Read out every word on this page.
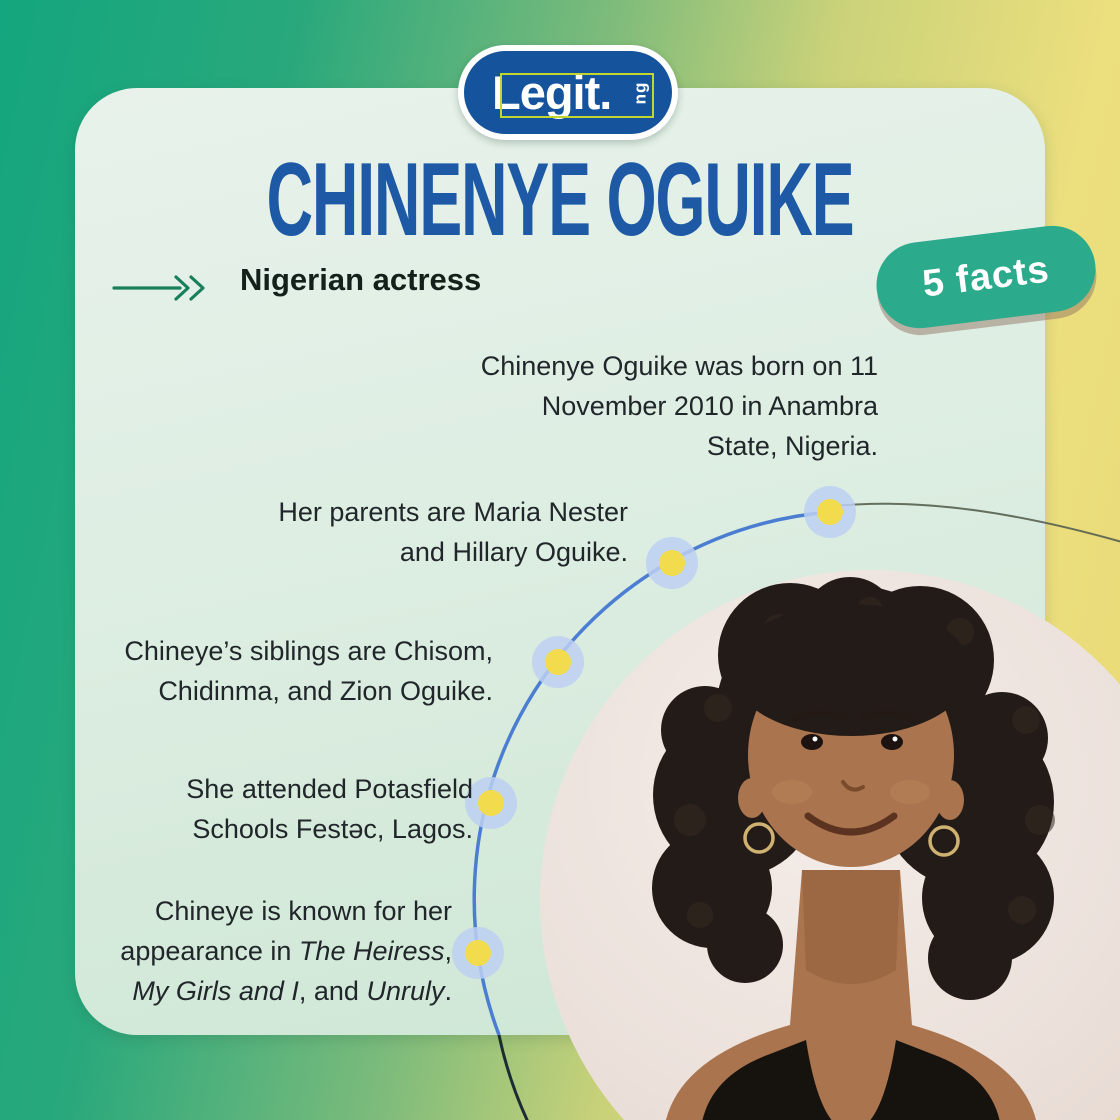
Legit. ng
CHINENYE OGUIKE
Nigerian actress	5 facts
Chinenye Oguike was born on 11
November 2010 in Anambra
State, Nigeria.
Her parents are Maria Nester
and Hillary Oguike.
Chineye’s siblings are Chisom,
Chidinma, and Zion Oguike.
She attended Potasfield
Schools Festəc, Lagos.
Chineye is known for her
appearance in The Heiress,
My Girls and I, and Unruly.
